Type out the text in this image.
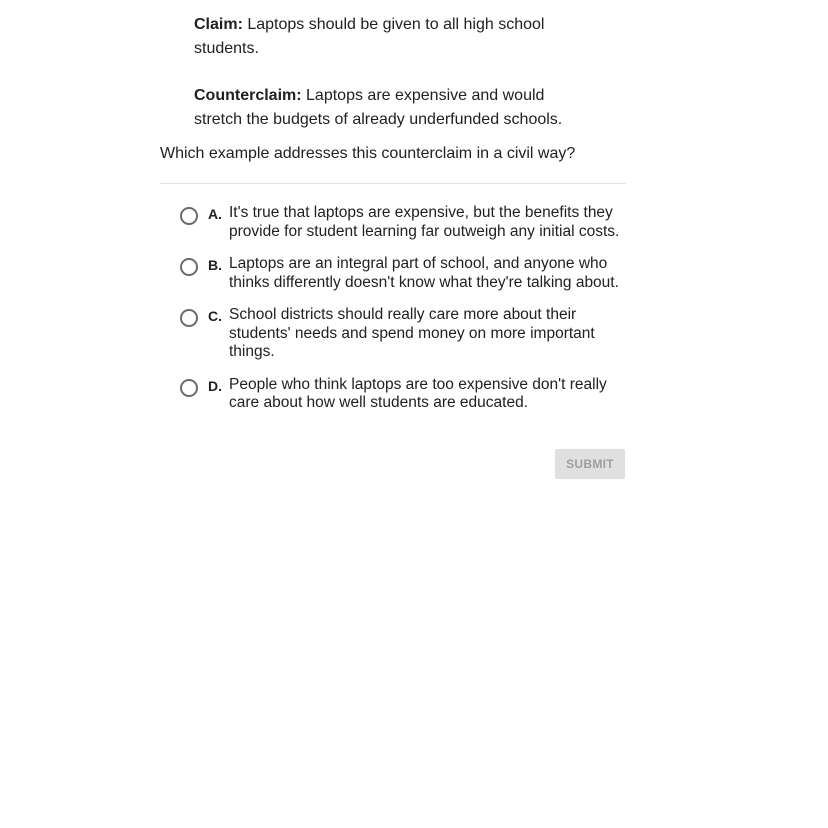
Claim: Laptops should be given to all high school students.

Counterclaim: Laptops are expensive and would stretch the budgets of already underfunded schools.

Which example addresses this counterclaim in a civil way?

A. It's true that laptops are expensive, but the benefits they provide for student learning far outweigh any initial costs.
B. Laptops are an integral part of school, and anyone who thinks differently doesn't know what they're talking about.
C. School districts should really care more about their students' needs and spend money on more important things.
D. People who think laptops are too expensive don't really care about how well students are educated.
SUBMIT
